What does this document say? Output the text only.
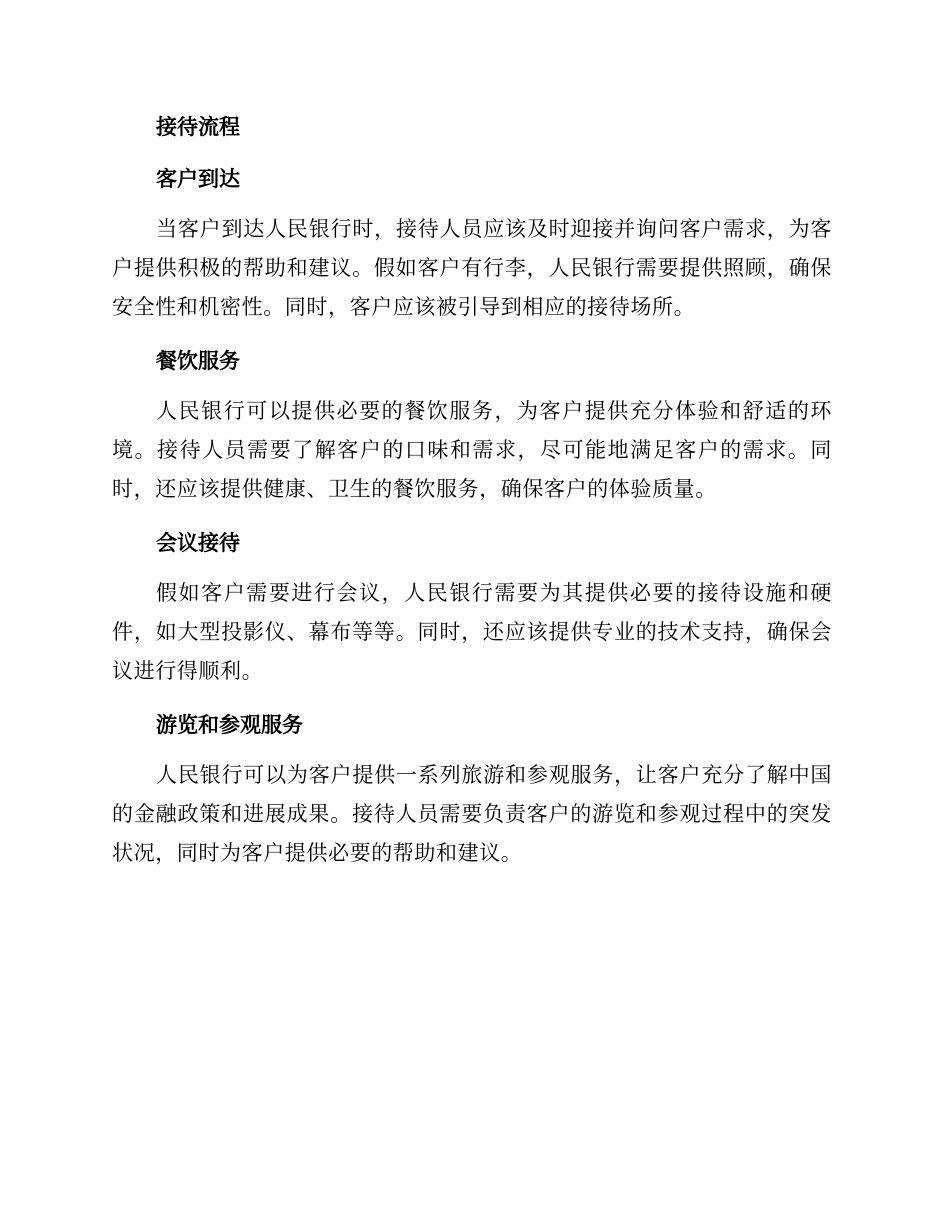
接待流程
客户到达
当客户到达人民银行时，接待人员应该及时迎接并询问客户需求，为客户提供积极的帮助和建议。假如客户有行李，人民银行需要提供照顾，确保安全性和机密性。同时，客户应该被引导到相应的接待场所。
餐饮服务
人民银行可以提供必要的餐饮服务，为客户提供充分体验和舒适的环境。接待人员需要了解客户的口味和需求，尽可能地满足客户的需求。同时，还应该提供健康、卫生的餐饮服务，确保客户的体验质量。
会议接待
假如客户需要进行会议，人民银行需要为其提供必要的接待设施和硬件，如大型投影仪、幕布等等。同时，还应该提供专业的技术支持，确保会议进行得顺利。
游览和参观服务
人民银行可以为客户提供一系列旅游和参观服务，让客户充分了解中国的金融政策和进展成果。接待人员需要负责客户的游览和参观过程中的突发状况，同时为客户提供必要的帮助和建议。
